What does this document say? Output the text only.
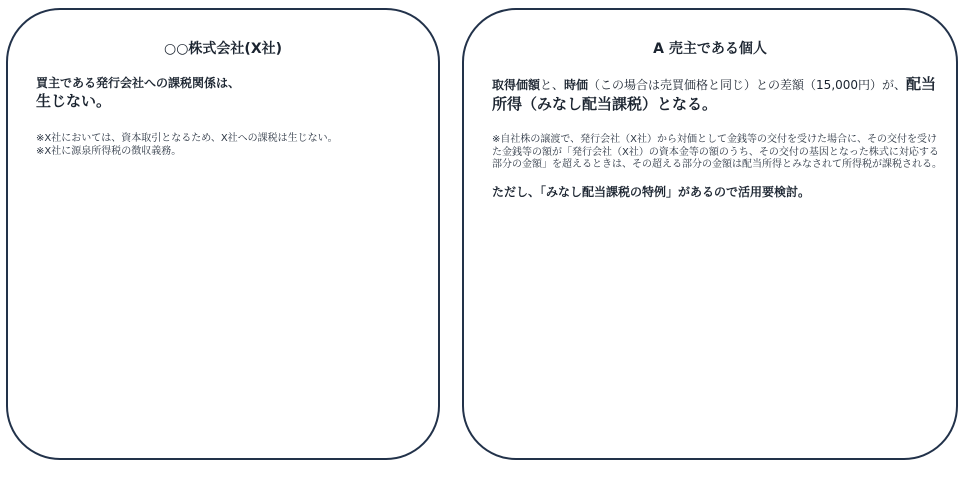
○○株式会社(X社)

買主である発行会社への課税関係は、

生じない。

※X社においては、資本取引となるため、X社への課税は生じない。

※X社に源泉所得税の徴収義務。

A 売主である個人

取得価額と、時価（この場合は売買価格と同じ）との差額（15,000円）が、配当所得（みなし配当課税）となる。

※自社株の譲渡で、発行会社（X社）から対価として金銭等の交付を受けた場合に、その交付を受けた金銭等の額が「発行会社（X社）の資本金等の額のうち、その交付の基因となった株式に対応する部分の金額」を超えるときは、その超える部分の金額は配当所得とみなされて所得税が課税される。

ただし、「みなし配当課税の特例」があるので活用要検討。
